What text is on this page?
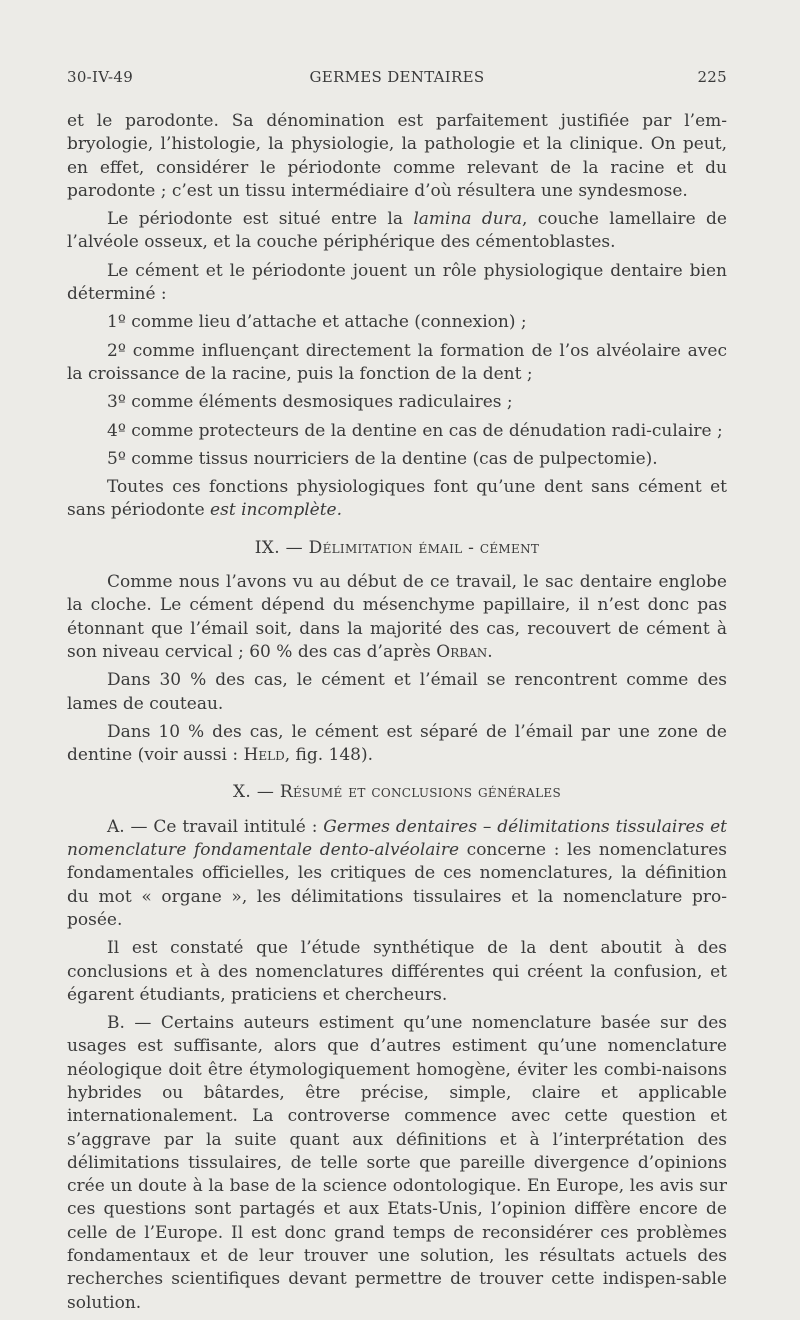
30-IV-49	GERMES DENTAIRES	225

et le parodonte. Sa dénomination est parfaitement justifiée par l’em-bryologie, l’histologie, la physiologie, la pathologie et la clinique. On peut, en effet, considérer le périodonte comme relevant de la racine et du parodonte ; c’est un tissu intermédiaire d’où résultera une syndesmose.

Le périodonte est situé entre la lamina dura, couche lamellaire de l’alvéole osseux, et la couche périphérique des cémentoblastes.

Le cément et le périodonte jouent un rôle physiologique dentaire bien déterminé :

1º comme lieu d’attache et attache (connexion) ;

2º comme influençant directement la formation de l’os alvéolaire avec la croissance de la racine, puis la fonction de la dent ;

3º comme éléments desmosiques radiculaires ;

4º comme protecteurs de la dentine en cas de dénudation radi-culaire ;

5º comme tissus nourriciers de la dentine (cas de pulpectomie).

Toutes ces fonctions physiologiques font qu’une dent sans cément et sans périodonte est incomplète.

IX. — Délimitation émail - cément

Comme nous l’avons vu au début de ce travail, le sac dentaire englobe la cloche. Le cément dépend du mésenchyme papillaire, il n’est donc pas étonnant que l’émail soit, dans la majorité des cas, recouvert de cément à son niveau cervical ; 60 % des cas d’après Orban.

Dans 30 % des cas, le cément et l’émail se rencontrent comme des lames de couteau.

Dans 10 % des cas, le cément est séparé de l’émail par une zone de dentine (voir aussi : Held, fig. 148).

X. — Résumé et conclusions générales

A. — Ce travail intitulé : Germes dentaires – délimitations tissulaires et nomenclature fondamentale dento-alvéolaire concerne : les nomenclatures fondamentales officielles, les critiques de ces nomenclatures, la définition du mot « organe », les délimitations tissulaires et la nomenclature pro-posée.

Il est constaté que l’étude synthétique de la dent aboutit à des conclusions et à des nomenclatures différentes qui créent la confusion, et égarent étudiants, praticiens et chercheurs.

B. — Certains auteurs estiment qu’une nomenclature basée sur des usages est suffisante, alors que d’autres estiment qu’une nomenclature néologique doit être étymologiquement homogène, éviter les combi-naisons hybrides ou bâtardes, être précise, simple, claire et applicable internationalement. La controverse commence avec cette question et s’aggrave par la suite quant aux définitions et à l’interprétation des délimitations tissulaires, de telle sorte que pareille divergence d’opinions crée un doute à la base de la science odontologique. En Europe, les avis sur ces questions sont partagés et aux Etats-Unis, l’opinion diffère encore de celle de l’Europe. Il est donc grand temps de reconsidérer ces problèmes fondamentaux et de leur trouver une solution, les résultats actuels des recherches scientifiques devant permettre de trouver cette indispen-sable solution.
